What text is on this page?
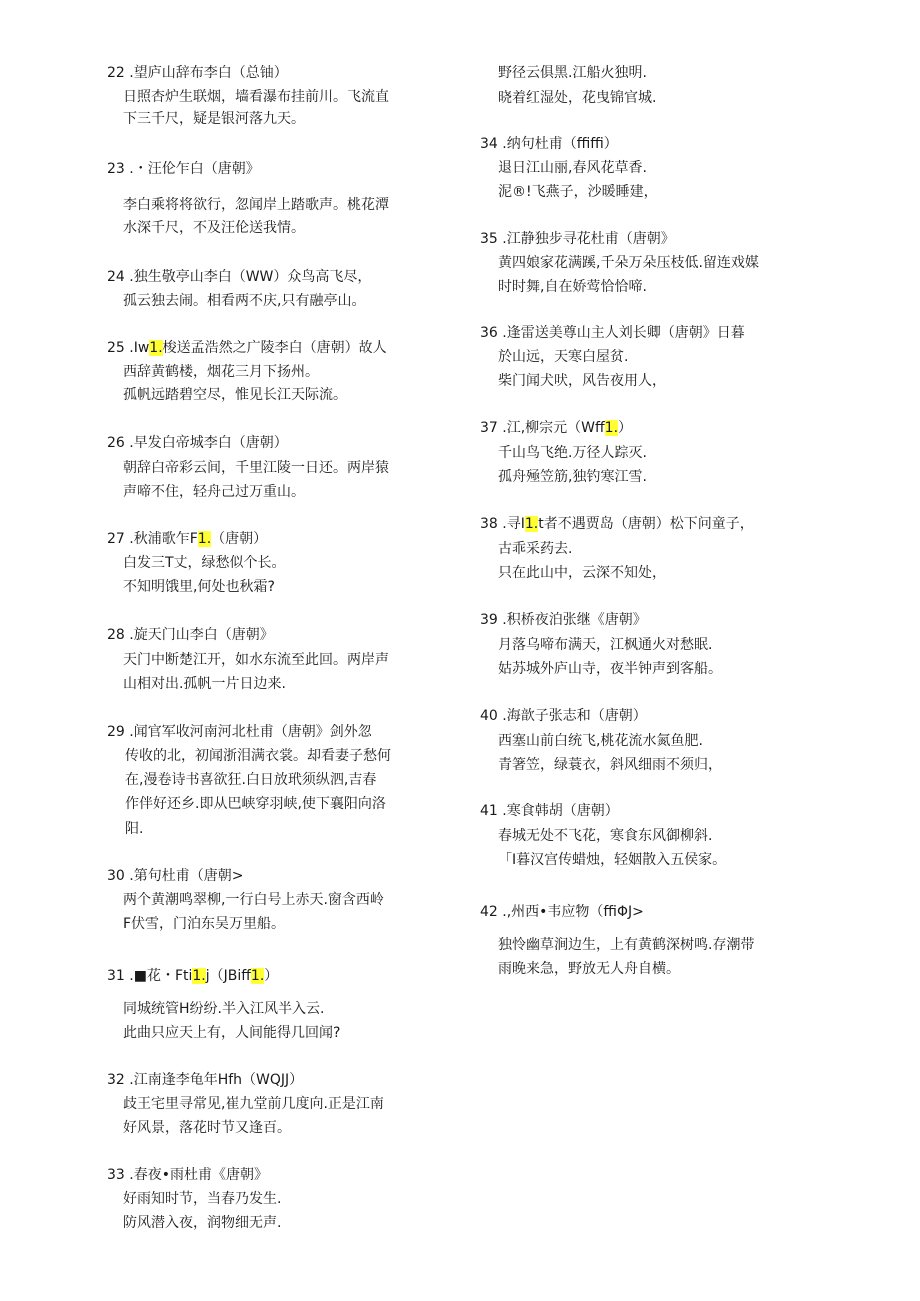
22 .望庐山辞布李白（总铀）
日照杏炉生联烟，墙看瀑布挂前川。飞流直
下三千尺，疑是银河落九天。
23 .・汪伦乍白（唐朝》
李白乘将将欲行，忽闻岸上踏歌声。桃花潭
水深千尺，不及汪伦送我情。
24 .独生敬亭山李白（WW）众鸟高飞尽，
孤云独去闹。相看两不庆,只有融亭山。
25 .Iw1.梭送孟浩然之广陵李白（唐朝）故人
西辞黄鹤楼，烟花三月下扬州。
孤帆远踏碧空尽，惟见长江天际流。
26 .早发白帝城李白（唐朝）
朝辞白帝彩云间，千里江陵一日还。两岸猿
声啼不住，轻舟己过万重山。
27 .秋浦歌乍F1.（唐朝）
白发三T丈，绿愁似个长。
不知明饿里,何处也秋霜?
28 .旋天门山李白（唐朝》
天门中断楚江开，如水东流至此回。两岸声
山相对出.孤帆一片日边来.
29 .闻官军收河南河北杜甫（唐朝》剑外忽
传收的北，初闻浙泪满衣裳。却看妻子愁何
在,漫卷诗书喜欲狂.白日放玳须纵泗,吉春
作伴好还乡.即从巴峡穿羽峡,使下襄阳向洛
阳.
30 .第句杜甫（唐朝>
两个黄潮鸣翠柳,一行白号上赤天.窗含西岭
F伏雪，门泊东吴万里船。
31 .■花・Fti1.j（JBiff1.）
同城统管H纷纷.半入江风半入云.
此曲只应天上有，人间能得几回闻?
32 .江南逢李龟年Hfh（WQJJ）
歧王宅里寻常见,崔九堂前几度向.正是江南
好风景，落花时节又逢百。
33 .春夜•雨杜甫《唐朝》
好雨知时节，当春乃发生.
防风潜入夜，润物细无声.
野径云俱黑.江船火独明.
晓着红湿处，花曳锦官城.
34 .纳句杜甫（ffiffi）
退日江山丽,春风花草香.
泥®!飞燕子，沙暖睡建，
35 .江静独步寻花杜甫（唐朝》
黄四娘家花满蹊,千朵万朵压枝低.留连戏媒
时时舞,自在娇莺恰恰啼.
36 .逢雷送美尊山主人刘长卿（唐朝》日暮
於山远，天寒白屋贫.
柴门闻犬吠，风告夜用人，
37 .江,柳宗元（Wff1.）
千山鸟飞绝.万径人踪灭.
孤舟殛笠筋,独钓寒江雪.
38 .寻I1.t者不遇贾岛（唐朝）松下问童子，
古乖采药去.
只在此山中，云深不知处，
39 .积桥夜泊张继《唐朝》
月落乌啼布满天，江枫通火对愁眠.
姑苏城外庐山寺，夜半钟声到客船。
40 .海歆子张志和（唐朝）
西塞山前白统飞,桃花流水氮鱼肥.
青箸笠，绿蓑衣，斜风细雨不须归，
41 .寒食韩胡（唐朝）
春城无处不飞花，寒食东风御柳斜.
「I暮汉宫传蜡烛，轻姻散入五侯家。
42 .,州西•韦应物（ffiΦJ>
独怜幽草涧边生，上有黄鹤深树鸣.存潮带
雨晚来急，野放无人舟自横。
